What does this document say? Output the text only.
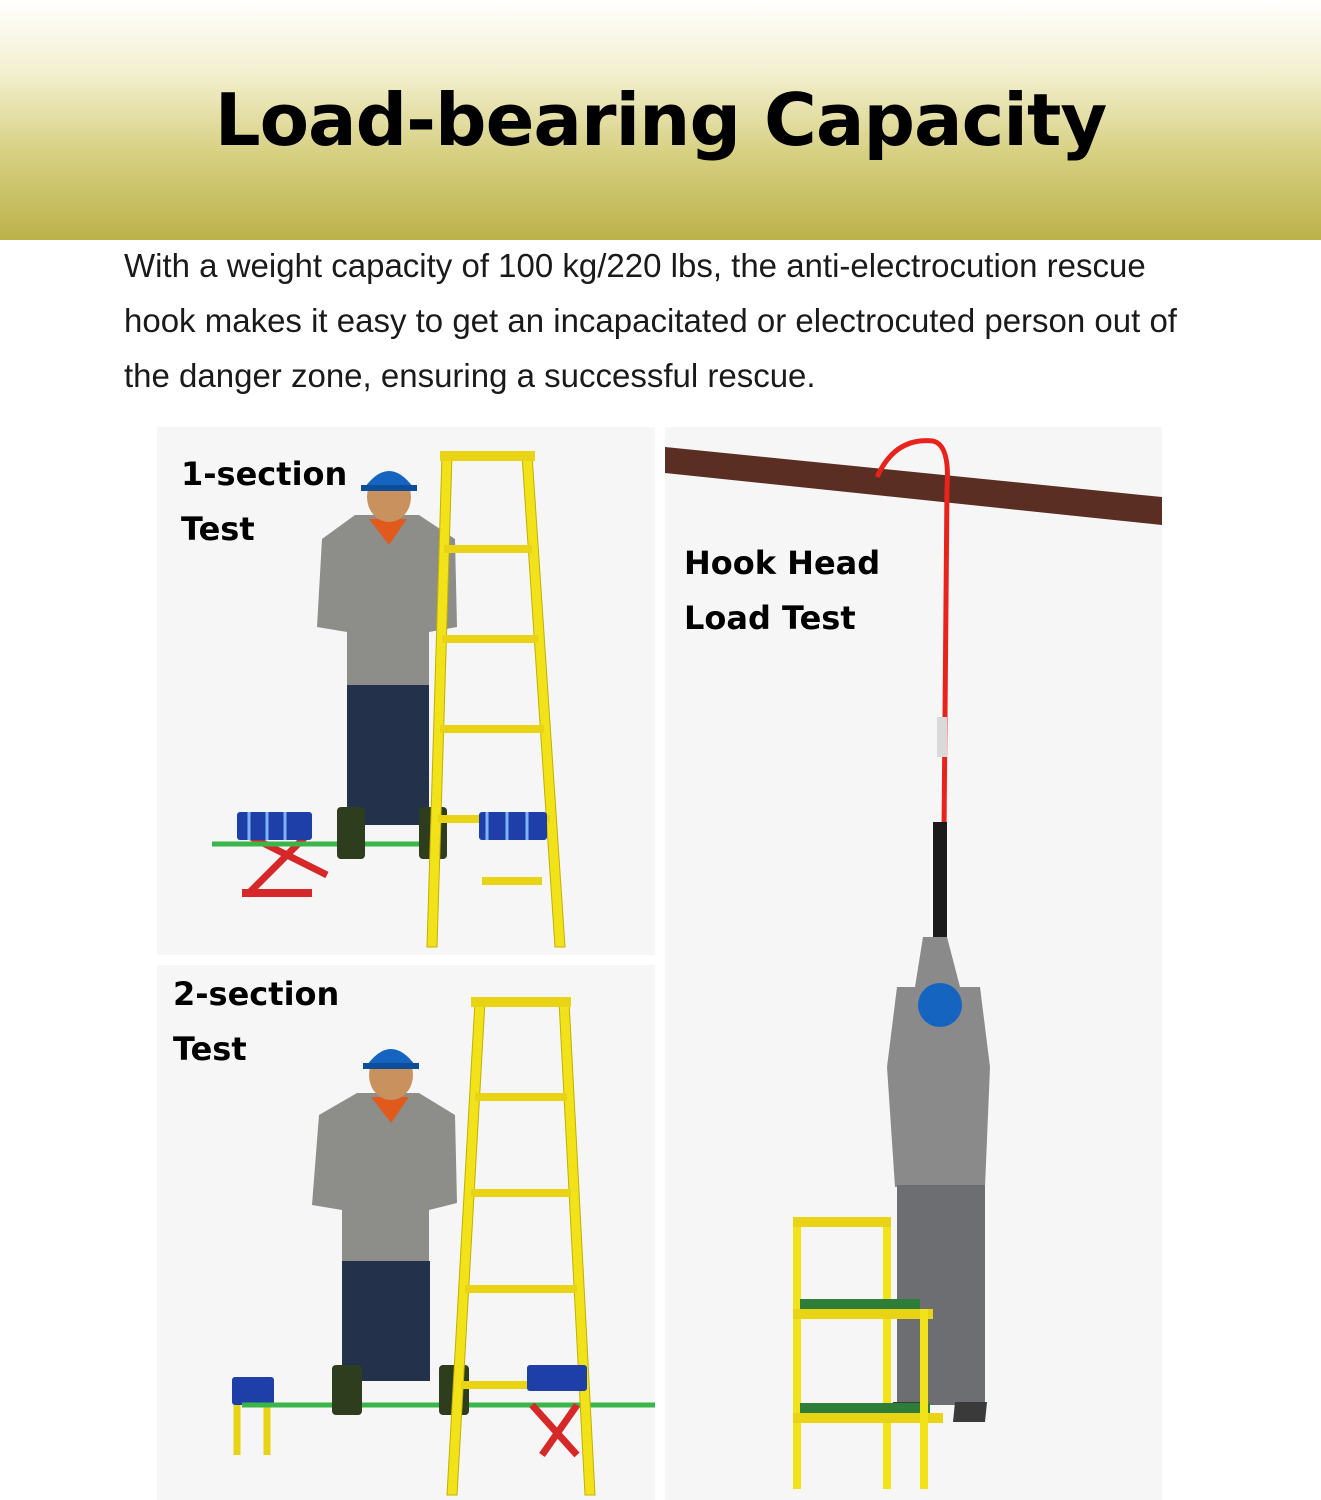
Load-bearing Capacity
With a weight capacity of 100 kg/220 lbs, the anti-electrocution rescue hook makes it easy to get an incapacitated or electrocuted person out of the danger zone, ensuring a successful rescue.
1-section
Test
2-section
Test
Hook Head
Load Test
